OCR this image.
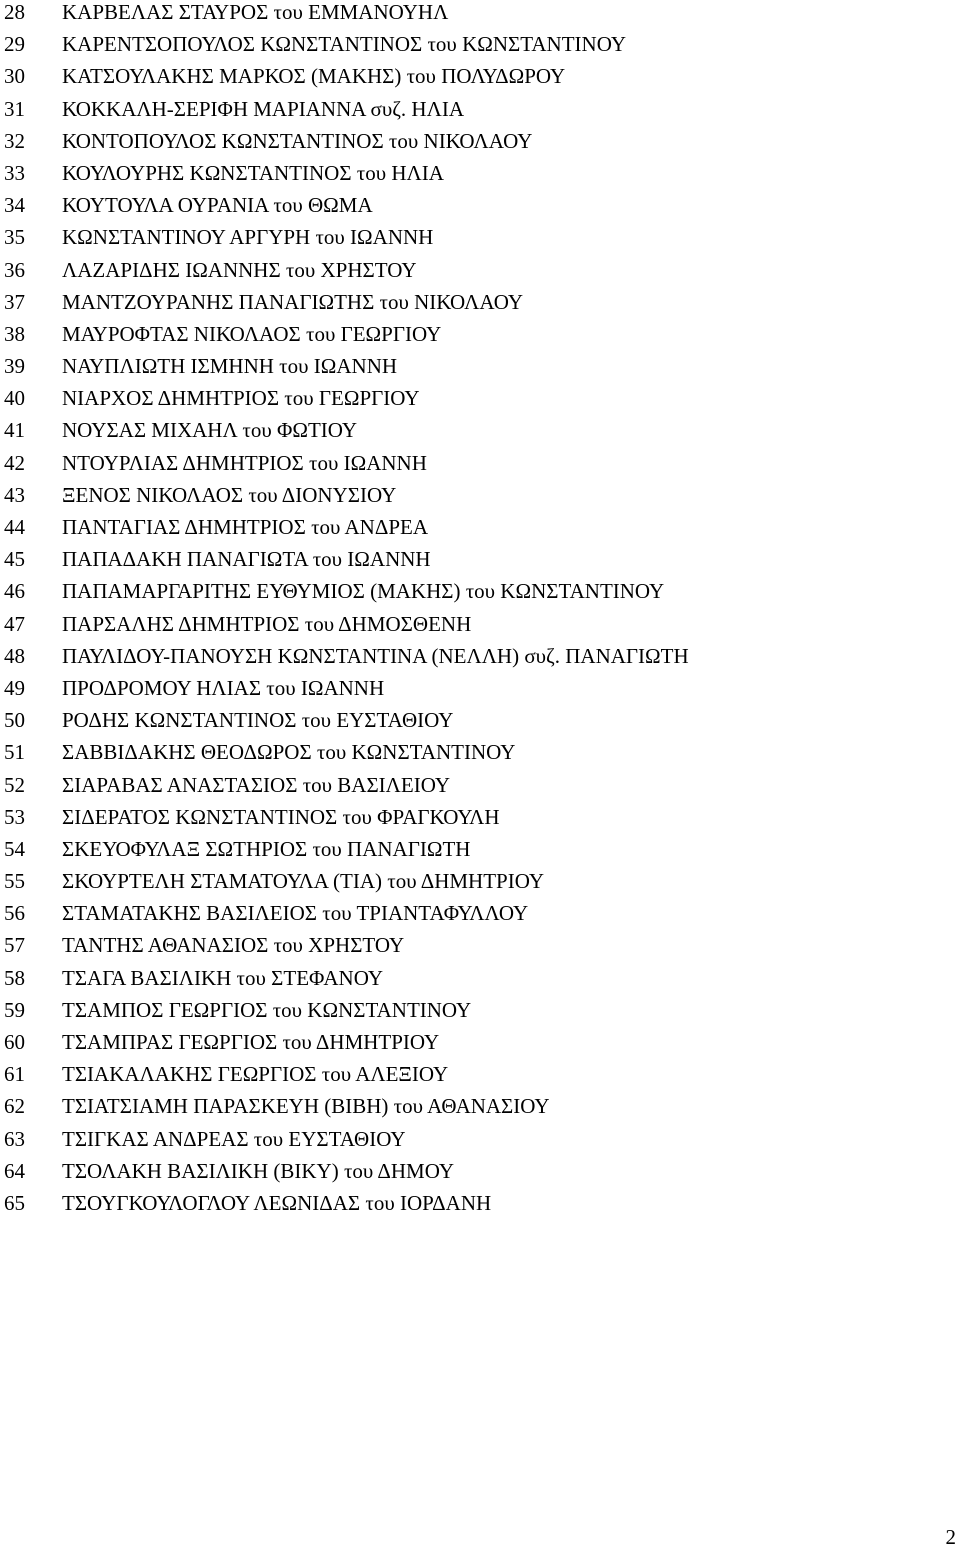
28	ΚΑΡΒΕΛΑΣ ΣΤΑΥΡΟΣ του ΕΜΜΑΝΟΥΗΛ
29	ΚΑΡΕΝΤΣΟΠΟΥΛΟΣ ΚΩΝΣΤΑΝΤΙΝΟΣ του ΚΩΝΣΤΑΝΤΙΝΟΥ
30	ΚΑΤΣΟΥΛΑΚΗΣ ΜΑΡΚΟΣ (ΜΑΚΗΣ) του ΠΟΛΥΔΩΡΟΥ
31	ΚΟΚΚΑΛΗ-ΣΕΡΙΦΗ ΜΑΡΙΑΝΝΑ συζ. ΗΛΙΑ
32	ΚΟΝΤΟΠΟΥΛΟΣ ΚΩΝΣΤΑΝΤΙΝΟΣ του ΝΙΚΟΛΑΟΥ
33	ΚΟΥΛΟΥΡΗΣ ΚΩΝΣΤΑΝΤΙΝΟΣ του ΗΛΙΑ
34	ΚΟΥΤΟΥΛΑ ΟΥΡΑΝΙΑ του ΘΩΜΑ
35	ΚΩΝΣΤΑΝΤΙΝΟΥ ΑΡΓΥΡΗ του ΙΩΑΝΝΗ
36	ΛΑΖΑΡΙΔΗΣ ΙΩΑΝΝΗΣ του ΧΡΗΣΤΟΥ
37	ΜΑΝΤΖΟΥΡΑΝΗΣ ΠΑΝΑΓΙΩΤΗΣ του ΝΙΚΟΛΑΟΥ
38	ΜΑΥΡΟΦΤΑΣ ΝΙΚΟΛΑΟΣ του ΓΕΩΡΓΙΟΥ
39	ΝΑΥΠΛΙΩΤΗ ΙΣΜΗΝΗ του ΙΩΑΝΝΗ
40	ΝΙΑΡΧΟΣ ΔΗΜΗΤΡΙΟΣ του ΓΕΩΡΓΙΟΥ
41	ΝΟΥΣΑΣ ΜΙΧΑΗΛ του ΦΩΤΙΟΥ
42	ΝΤΟΥΡΛΙΑΣ ΔΗΜΗΤΡΙΟΣ του ΙΩΑΝΝΗ
43	ΞΕΝΟΣ ΝΙΚΟΛΑΟΣ του ΔΙΟΝΥΣΙΟΥ
44	ΠΑΝΤΑΓΙΑΣ ΔΗΜΗΤΡΙΟΣ του ΑΝΔΡΕΑ
45	ΠΑΠΑΔΑΚΗ ΠΑΝΑΓΙΩΤΑ του ΙΩΑΝΝΗ
46	ΠΑΠΑΜΑΡΓΑΡΙΤΗΣ ΕΥΘΥΜΙΟΣ (ΜΑΚΗΣ) του ΚΩΝΣΤΑΝΤΙΝΟΥ
47	ΠΑΡΣΑΛΗΣ ΔΗΜΗΤΡΙΟΣ του ΔΗΜΟΣΘΕΝΗ
48	ΠΑΥΛΙΔΟΥ-ΠΑΝΟΥΣΗ ΚΩΝΣΤΑΝΤΙΝΑ (ΝΕΛΛΗ) συζ. ΠΑΝΑΓΙΩΤΗ
49	ΠΡΟΔΡΟΜΟΥ ΗΛΙΑΣ του ΙΩΑΝΝΗ
50	ΡΟΔΗΣ ΚΩΝΣΤΑΝΤΙΝΟΣ του ΕΥΣΤΑΘΙΟΥ
51	ΣΑΒΒΙΔΑΚΗΣ ΘΕΟΔΩΡΟΣ του ΚΩΝΣΤΑΝΤΙΝΟΥ
52	ΣΙΑΡΑΒΑΣ ΑΝΑΣΤΑΣΙΟΣ του ΒΑΣΙΛΕΙΟΥ
53	ΣΙΔΕΡΑΤΟΣ ΚΩΝΣΤΑΝΤΙΝΟΣ του ΦΡΑΓΚΟΥΛΗ
54	ΣΚΕΥΟΦΥΛΑΞ ΣΩΤΗΡΙΟΣ του ΠΑΝΑΓΙΩΤΗ
55	ΣΚΟΥΡΤΕΛΗ ΣΤΑΜΑΤΟΥΛΑ (ΤΙΑ) του ΔΗΜΗΤΡΙΟΥ
56	ΣΤΑΜΑΤΑΚΗΣ ΒΑΣΙΛΕΙΟΣ του ΤΡΙΑΝΤΑΦΥΛΛΟΥ
57	ΤΑΝΤΗΣ ΑΘΑΝΑΣΙΟΣ του ΧΡΗΣΤΟΥ
58	ΤΣΑΓΑ ΒΑΣΙΛΙΚΗ του ΣΤΕΦΑΝΟΥ
59	ΤΣΑΜΠΟΣ ΓΕΩΡΓΙΟΣ του ΚΩΝΣΤΑΝΤΙΝΟΥ
60	ΤΣΑΜΠΡΑΣ ΓΕΩΡΓΙΟΣ του ΔΗΜΗΤΡΙΟΥ
61	ΤΣΙΑΚΑΛΑΚΗΣ ΓΕΩΡΓΙΟΣ του ΑΛΕΞΙΟΥ
62	ΤΣΙΑΤΣΙΑΜΗ ΠΑΡΑΣΚΕΥΗ (ΒΙΒΗ) του ΑΘΑΝΑΣΙΟΥ
63	ΤΣΙΓΚΑΣ ΑΝΔΡΕΑΣ του ΕΥΣΤΑΘΙΟΥ
64	ΤΣΟΛΑΚΗ ΒΑΣΙΛΙΚΗ (ΒΙΚΥ) του ΔΗΜΟΥ
65	ΤΣΟΥΓΚΟΥΛΟΓΛΟΥ ΛΕΩΝΙΔΑΣ του ΙΟΡΔΑΝΗ
2
